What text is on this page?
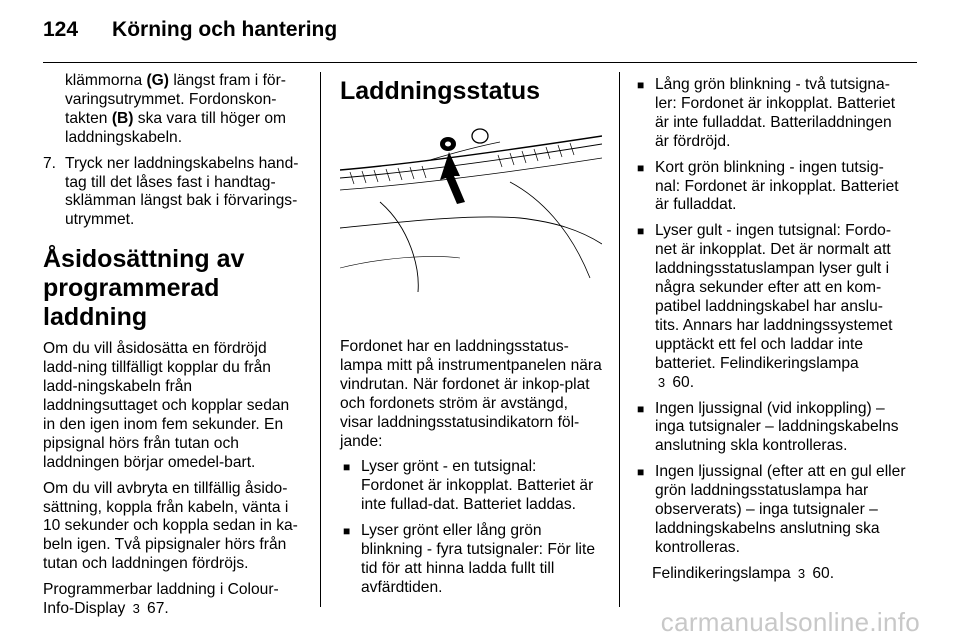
124 Körning och hantering

klämmorna (G) längst fram i för-varingsutrymmet. Fordonskon-takten (B) ska vara till höger om laddningskabeln.

7. Tryck ner laddningskabelns hand-tag till det låses fast i handtag-sklämman längst bak i förvarings-utrymmet.
Åsidosättning av programmerad laddning

Om du vill åsidosätta en fördröjd ladd-ning tillfälligt kopplar du från ladd-ningskabeln från laddningsuttaget och kopplar sedan in den igen inom fem sekunder. En pipsignal hörs från tutan och laddningen börjar omedel-bart.

Om du vill avbryta en tillfällig åsido-sättning, koppla från kabeln, vänta i 10 sekunder och koppla sedan in ka-beln igen. Två pipsignaler hörs från tutan och laddningen fördröjs.

Programmerbar laddning i Colour-Info-Display 3 67.

Laddningsstatus

Fordonet har en laddningsstatus-lampa mitt på instrumentpanelen nära vindrutan. När fordonet är inkop-plat och fordonets ström är avstängd, visar laddningsstatusindikatorn föl-jande:

■ Lyser grönt - en tutsignal: Fordonet är inkopplat. Batteriet är inte fullad-dat. Batteriet laddas.
■ Lyser grönt eller lång grön blinkning - fyra tutsignaler: För lite tid för att hinna ladda fullt till avfärdtiden.
■ Lång grön blinkning - två tutsigna-ler: Fordonet är inkopplat. Batteriet är inte fulladdat. Batteriladdningen är fördröjd.
■ Kort grön blinkning - ingen tutsig-nal: Fordonet är inkopplat. Batteriet är fulladdat.
■ Lyser gult - ingen tutsignal: Fordo-net är inkopplat. Det är normalt att laddningsstatuslampan lyser gult i några sekunder efter att en kom-patibel laddningskabel har anslu-tits. Annars har laddningssystemet upptäckt ett fel och laddar inte batteriet. Felindikeringslampa
3 60.
■ Ingen ljussignal (vid inkoppling) – inga tutsignaler – laddningskabelns anslutning skla kontrolleras.
■ Ingen ljussignal (efter att en gul eller grön laddningsstatuslampa har observerats) – inga tutsignaler – laddningskabelns anslutning ska kontrolleras.

Felindikeringslampa 3 60.

carmanualsonline.info
